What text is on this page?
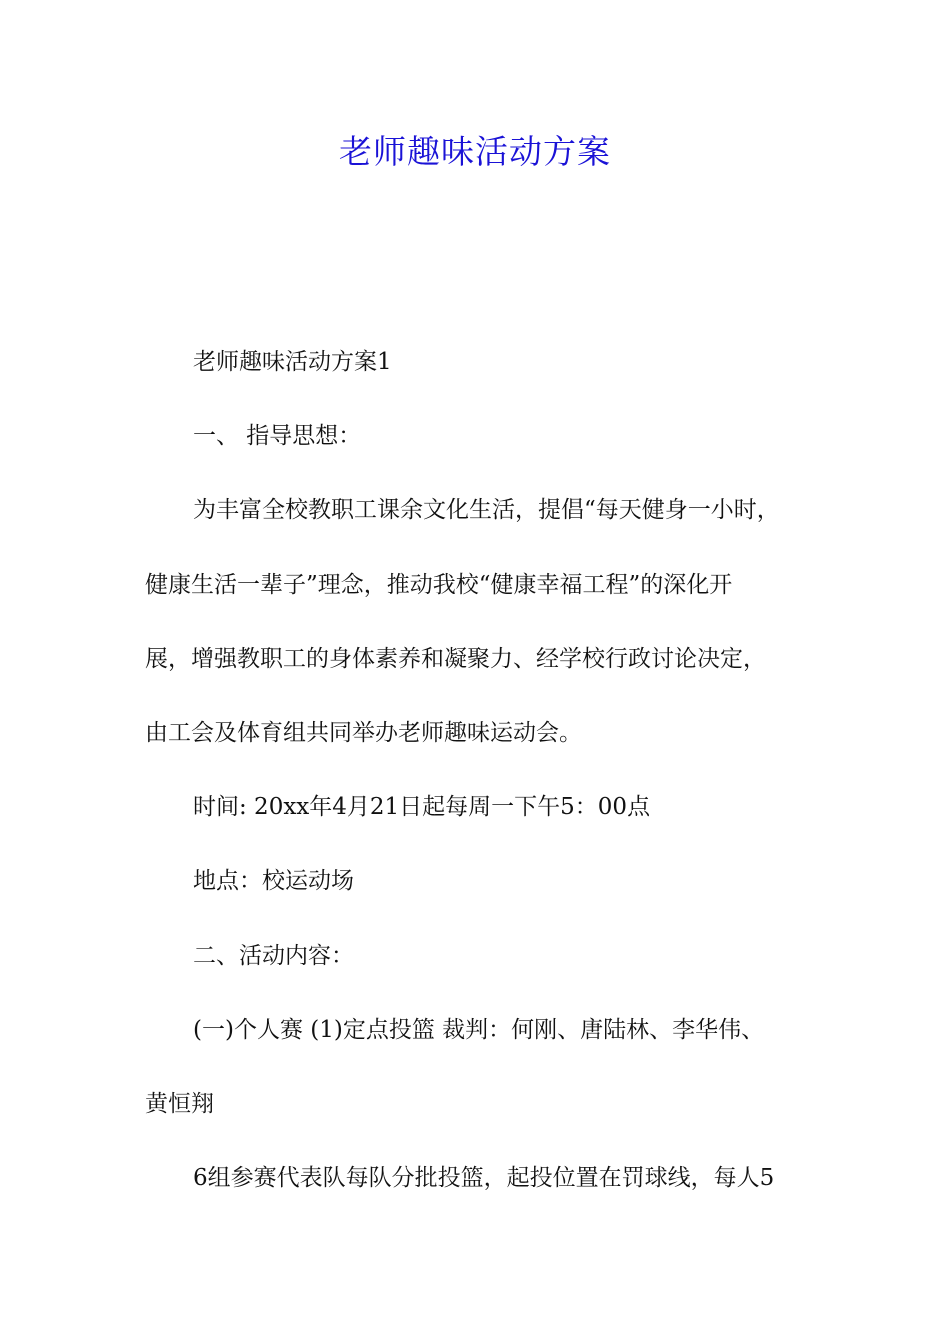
老师趣味活动方案

老师趣味活动方案1

一、 指导思想：

为丰富全校教职工课余文化生活，提倡“每天健身一小时，

健康生活一辈子”理念，推动我校“健康幸福工程”的深化开

展，增强教职工的身体素养和凝聚力、经学校行政讨论决定，

由工会及体育组共同举办老师趣味运动会。

时间: 20xx年4月21日起每周一下午5：00点

地点：校运动场

二、活动内容：

(一)个人赛 (1)定点投篮 裁判：何刚、唐陆林、李华伟、

黄恒翔

6组参赛代表队每队分批投篮，起投位置在罚球线，每人5
